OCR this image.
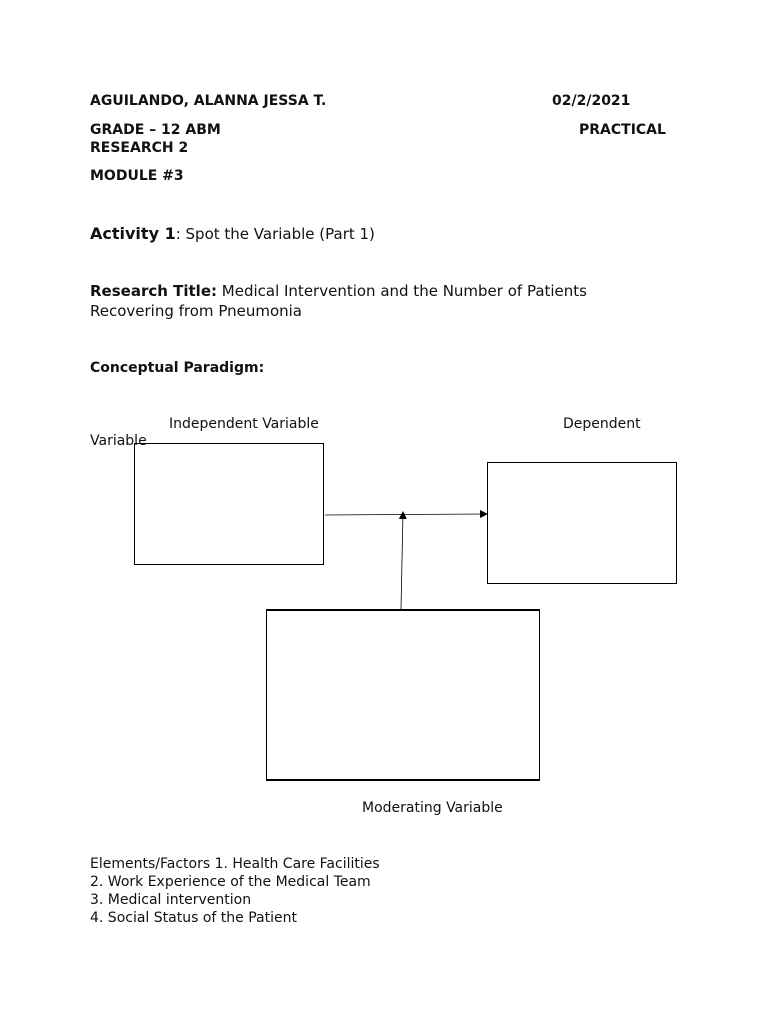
AGUILANDO, ALANNA JESSA T.	02/2/2021
GRADE – 12 ABM	PRACTICAL
RESEARCH 2
MODULE #3
Activity 1: Spot the Variable (Part 1)
Research Title: Medical Intervention and the Number of Patients
Recovering from Pneumonia
Conceptual Paradigm:
Independent Variable	Dependent
Variable
Moderating Variable
Elements/Factors 1. Health Care Facilities
2. Work Experience of the Medical Team
3. Medical intervention
4. Social Status of the Patient
